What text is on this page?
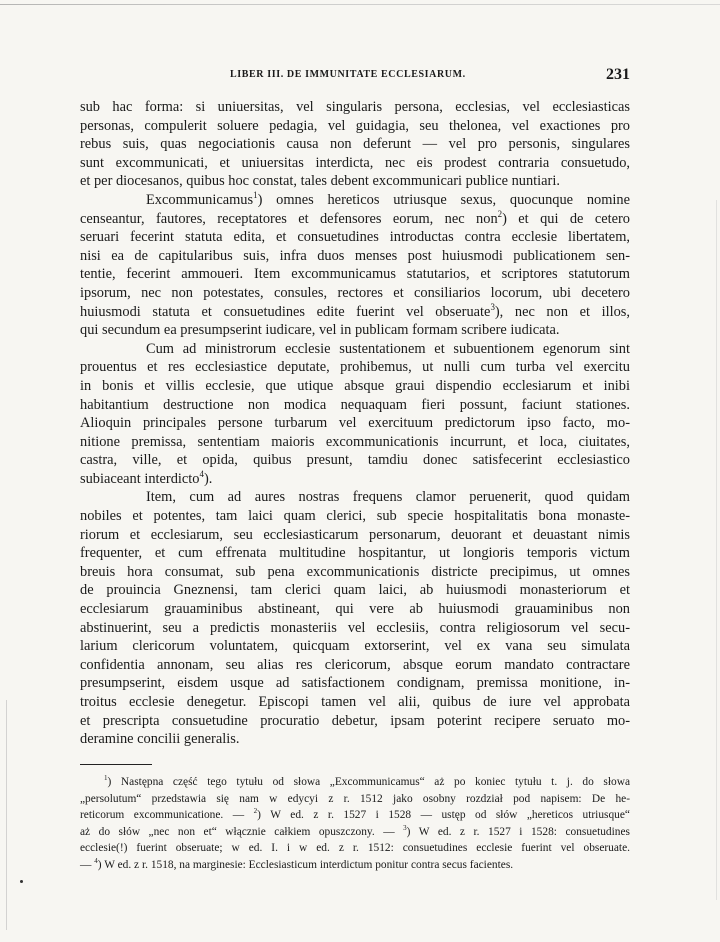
LIBER III. DE IMMUNITATE ECCLESIARUM.	231
sub hac forma: si uniuersitas, vel singularis persona, ecclesias, vel ecclesiasticas
personas, compulerit soluere pedagia, vel guidagia, seu thelonea, vel exactiones pro
rebus suis, quas negociationis causa non deferunt — vel pro personis, singulares
sunt excommunicati, et uniuersitas interdicta, nec eis prodest contraria consuetudo,
et per diocesanos, quibus hoc constat, tales debent excommunicari publice nuntiari.
Excommunicamus$^1$) omnes hereticos utriusque sexus, quocunque nomine
censeantur, fautores, receptatores et defensores eorum, nec non$^2$) et qui de cetero
seruari fecerint statuta edita, et consuetudines introductas contra ecclesie libertatem,
nisi ea de capitularibus suis, infra duos menses post huiusmodi publicationem sen-
tentie, fecerint ammoueri. Item excommunicamus statutarios, et scriptores statutorum
ipsorum, nec non potestates, consules, rectores et consiliarios locorum, ubi decetero
huiusmodi statuta et consuetudines edite fuerint vel obseruate$^3$), nec non et illos,
qui secundum ea presumpserint iudicare, vel in publicam formam scribere iudicata.
Cum ad ministrorum ecclesie sustentationem et subuentionem egenorum sint
prouentus et res ecclesiastice deputate, prohibemus, ut nulli cum turba vel exercitu
in bonis et villis ecclesie, que utique absque graui dispendio ecclesiarum et inibi
habitantium destructione non modica nequaquam fieri possunt, faciunt stationes.
Alioquin principales persone turbarum vel exercituum predictorum ipso facto, mo-
nitione premissa, sententiam maioris excommunicationis incurrunt, et loca, ciuitates,
castra, ville, et opida, quibus presunt, tamdiu donec satisfecerint ecclesiastico
subiaceant interdicto$^4$).
Item, cum ad aures nostras frequens clamor peruenerit, quod quidam
nobiles et potentes, tam laici quam clerici, sub specie hospitalitatis bona monaste-
riorum et ecclesiarum, seu ecclesiasticarum personarum, deuorant et deuastant nimis
frequenter, et cum effrenata multitudine hospitantur, ut longioris temporis victum
breuis hora consumat, sub pena excommunicationis districte precipimus, ut omnes
de prouincia Gneznensi, tam clerici quam laici, ab huiusmodi monasteriorum et
ecclesiarum grauaminibus abstineant, qui vere ab huiusmodi grauaminibus non
abstinuerint, seu a predictis monasteriis vel ecclesiis, contra religiosorum vel secu-
larium clericorum voluntatem, quicquam extorserint, vel ex vana seu simulata
confidentia annonam, seu alias res clericorum, absque eorum mandato contractare
presumpserint, eisdem usque ad satisfactionem condignam, premissa monitione, in-
troitus ecclesie denegetur. Episcopi tamen vel alii, quibus de iure vel approbata
et prescripta consuetudine procuratio debetur, ipsam poterint recipere seruato mo-
deramine concilii generalis.
$^1$) Następna część tego tytułu od słowa „Excommunicamus“ aż po koniec tytułu t. j. do słowa
„persolutum“ przedstawia się nam w edycyi z r. 1512 jako osobny rozdział pod napisem: De he-
reticorum excommunicatione. — $^2$) W ed. z r. 1527 i 1528 — ustęp od słów „hereticos utriusque“
aż do słów „nec non et“ włącznie całkiem opuszczony. — $^3$) W ed. z r. 1527 i 1528: consuetudines
ecclesie(!) fuerint obseruate; w ed. I. i w ed. z r. 1512: consuetudines ecclesie fuerint vel obseruate.
— $^4$) W ed. z r. 1518, na marginesie: Ecclesiasticum interdictum ponitur contra secus facientes.
